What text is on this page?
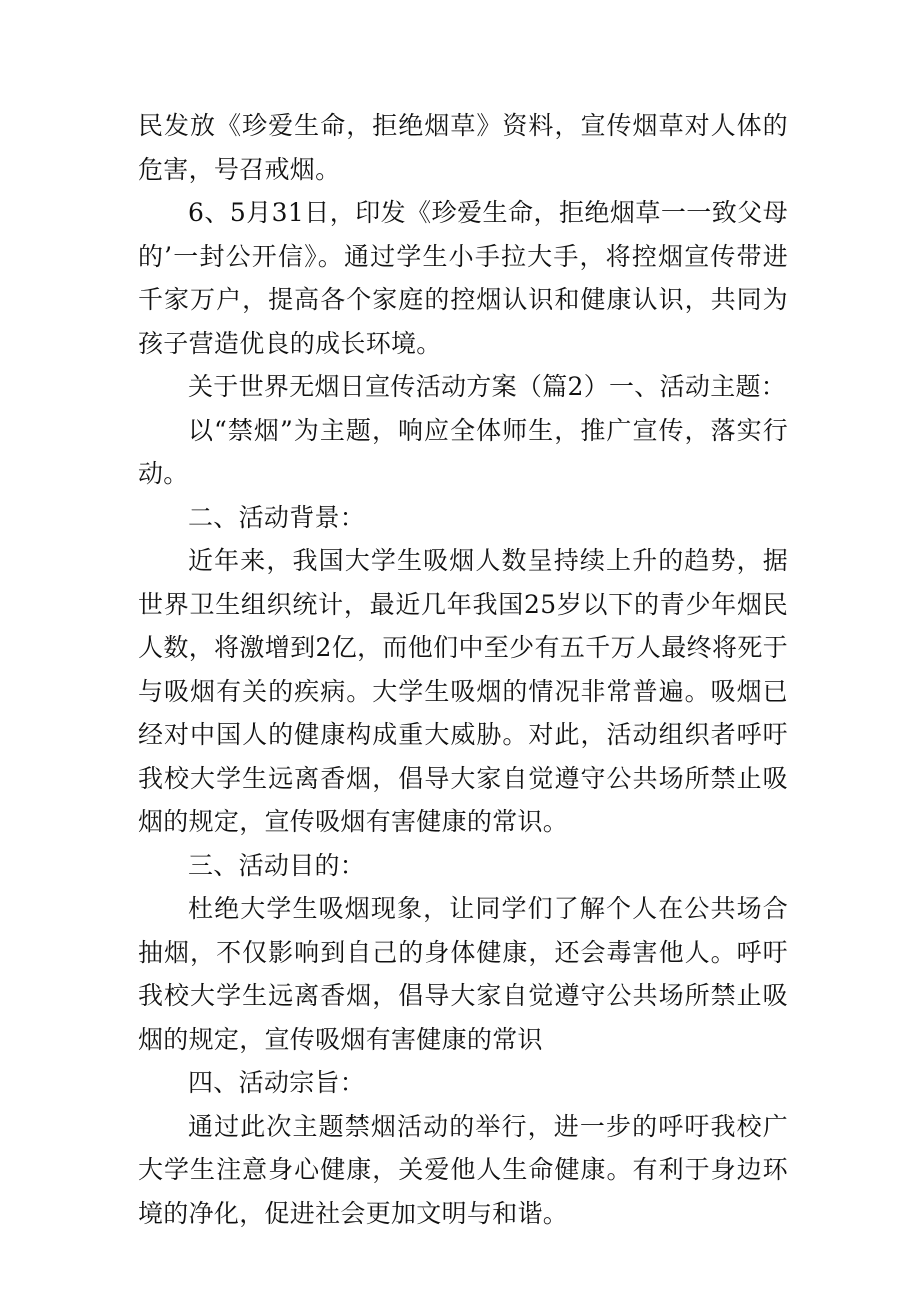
民发放《珍爱生命，拒绝烟草》资料，宣传烟草对人体的危害，号召戒烟。

6、5月31日，印发《珍爱生命，拒绝烟草一一致父母的’一封公开信》。通过学生小手拉大手，将控烟宣传带进千家万户，提高各个家庭的控烟认识和健康认识，共同为孩子营造优良的成长环境。

关于世界无烟日宣传活动方案（篇2）一、活动主题：

以“禁烟”为主题，响应全体师生，推广宣传，落实行动。

二、活动背景：

近年来，我国大学生吸烟人数呈持续上升的趋势，据世界卫生组织统计，最近几年我国25岁以下的青少年烟民人数，将激增到2亿，而他们中至少有五千万人最终将死于与吸烟有关的疾病。大学生吸烟的情况非常普遍。吸烟已经对中国人的健康构成重大威胁。对此，活动组织者呼吁我校大学生远离香烟，倡导大家自觉遵守公共场所禁止吸烟的规定，宣传吸烟有害健康的常识。

三、活动目的：

杜绝大学生吸烟现象，让同学们了解个人在公共场合抽烟，不仅影响到自己的身体健康，还会毒害他人。呼吁我校大学生远离香烟，倡导大家自觉遵守公共场所禁止吸烟的规定，宣传吸烟有害健康的常识

四、活动宗旨：

通过此次主题禁烟活动的举行，进一步的呼吁我校广大学生注意身心健康，关爱他人生命健康。有利于身边环境的净化，促进社会更加文明与和谐。
